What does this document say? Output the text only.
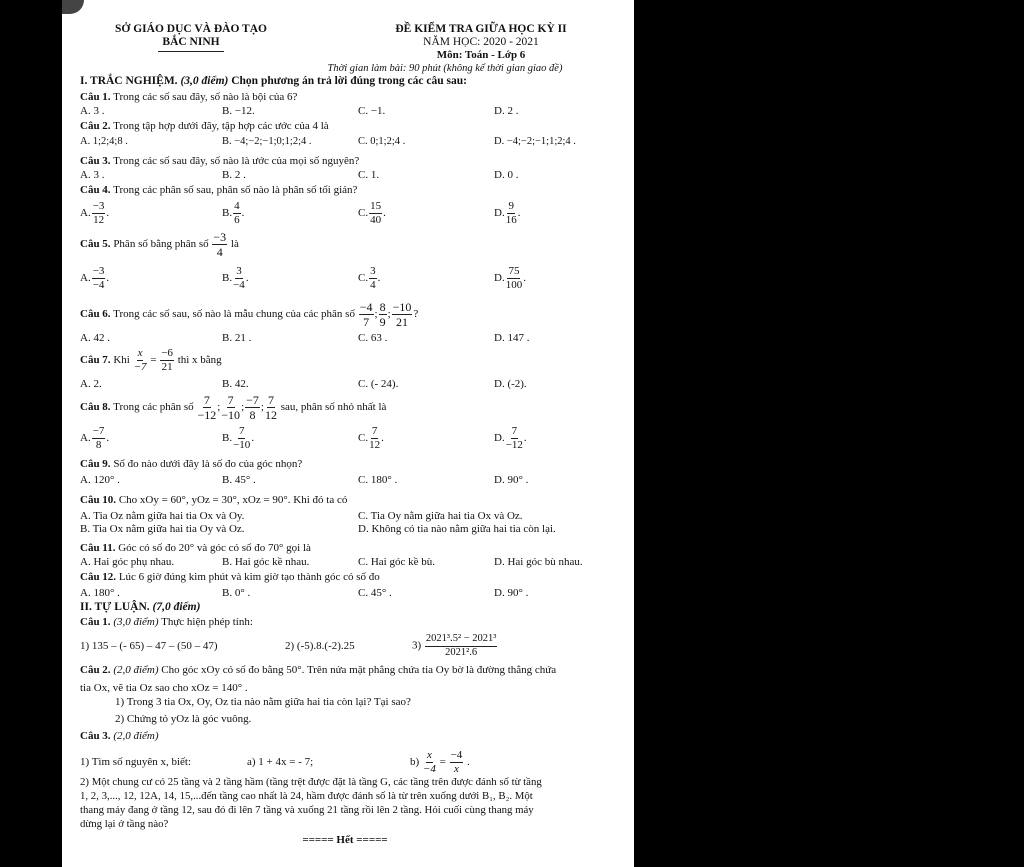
SỞ GIÁO DỤC VÀ ĐÀO TẠO
BẮC NINH
ĐỀ KIỂM TRA GIỮA HỌC KỲ II
NĂM HỌC: 2020 - 2021
Môn: Toán - Lớp 6
Thời gian làm bài: 90 phút (không kể thời gian giao đề)
I. TRẮC NGHIỆM. (3,0 điểm) Chọn phương án trả lời đúng trong các câu sau:
Câu 1. Trong các số sau đây, số nào là bội của 6?
A. 3 .	B. −12.	C. −1.	D. 2 .
Câu 2. Trong tập hợp dưới đây, tập hợp các ước của 4 là
A. 1;2;4;8 .	B. −4;−2;−1;0;1;2;4 .	C. 0;1;2;4 .	D. −4;−2;−1;1;2;4 .
Câu 3. Trong các số sau đây, số nào là ước của mọi số nguyên?
A. 3 .	B. 2 .	C. 1.	D. 0 .
Câu 4. Trong các phân số sau, phân số nào là phân số tối giản?
A. $\frac{-3}{12}$ .	B. $\frac{4}{6}$ .	C. $\frac{15}{40}$ .	D. $\frac{9}{16}$ .
Câu 5. Phân số bằng phân số $\frac{-3}{4}$ là
A. $\frac{-3}{-4}$ .	B. $\frac{3}{-4}$ .	C. $\frac{3}{4}$ .	D. $\frac{75}{100}$ .
Câu 6. Trong các số sau, số nào là mẫu chung của các phân số $\frac{-4}{7}$ ; $\frac{8}{9}$ ; $\frac{-10}{21}$ ?
A. 42 .	B. 21 .	C. 63 .	D. 147 .
Câu 7. Khi $\frac{x}{-7} = \frac{-6}{21}$ thì x bằng
A. 2.	B. 42.	C. (- 24).	D. (-2).
Câu 8. Trong các phân số $\frac{7}{-12}$ ; $\frac{7}{-10}$ ; $\frac{-7}{8}$ ; $\frac{7}{12}$ sau, phân số nhỏ nhất là
A. $\frac{-7}{8}$ .	B. $\frac{7}{-10}$ .	C. $\frac{7}{12}$ .	D. $\frac{7}{-12}$ .
Câu 9. Số đo nào dưới đây là số đo của góc nhọn?
A. 120° .	B. 45° .	C. 180° .	D. 90° .
Câu 10. Cho xOy = 60°, yOz = 30°, xOz = 90°. Khi đó ta có
A. Tia Oz nằm giữa hai tia Ox và Oy.
B. Tia Ox nằm giữa hai tia Oy và Oz.
C. Tia Oy nằm giữa hai tia Ox và Oz.
D. Không có tia nào nằm giữa hai tia còn lại.
Câu 11. Góc có số đo 20° và góc có số đo 70° gọi là
A. Hai góc phụ nhau.	B. Hai góc kề nhau.	C. Hai góc kề bù.	D. Hai góc bù nhau.
Câu 12. Lúc 6 giờ đúng kim phút và kim giờ tạo thành góc có số đo
A. 180° .	B. 0° .	C. 45° .	D. 90° .
II. TỰ LUẬN. (7,0 điểm)
Câu 1. (3,0 điểm) Thực hiện phép tính:
1) 135 – (- 65) – 47 – (50 – 47)	2) (-5).8.(-2).25	$3) \frac{\text{2021³.5² − 2021³}}{\text{2021².6}}$
Câu 2. (2,0 điểm) Cho góc xOy có số đo bằng 50°. Trên nửa mặt phẳng chứa tia Oy bờ là đường thẳng chứa
tia Ox, vẽ tia Oz sao cho xOz = 140° .
1) Trong 3 tia Ox, Oy, Oz tia nào nằm giữa hai tia còn lại? Tại sao?
2) Chứng tỏ yOz là góc vuông.
Câu 3. (2,0 điểm)
1) Tìm số nguyên x, biết:	a) 1 + 4x = - 7;	$b) \frac{x}{-4} = \frac{-4}{x}$ .
2) Một chung cư có 25 tầng và 2 tầng hầm (tầng trệt được đặt là tầng G, các tầng trên được đánh số từ tầng
1, 2, 3,..., 12, 12A, 14, 15,...đến tầng cao nhất là 24, hầm được đánh số là từ trên xuống dưới B₁, B₂. Một
thang máy đang ở tầng 12, sau đó đi lên 7 tầng và xuống 21 tầng rồi lên 2 tầng. Hỏi cuối cùng thang máy
dừng lại ở tầng nào?
===== Hết =====
